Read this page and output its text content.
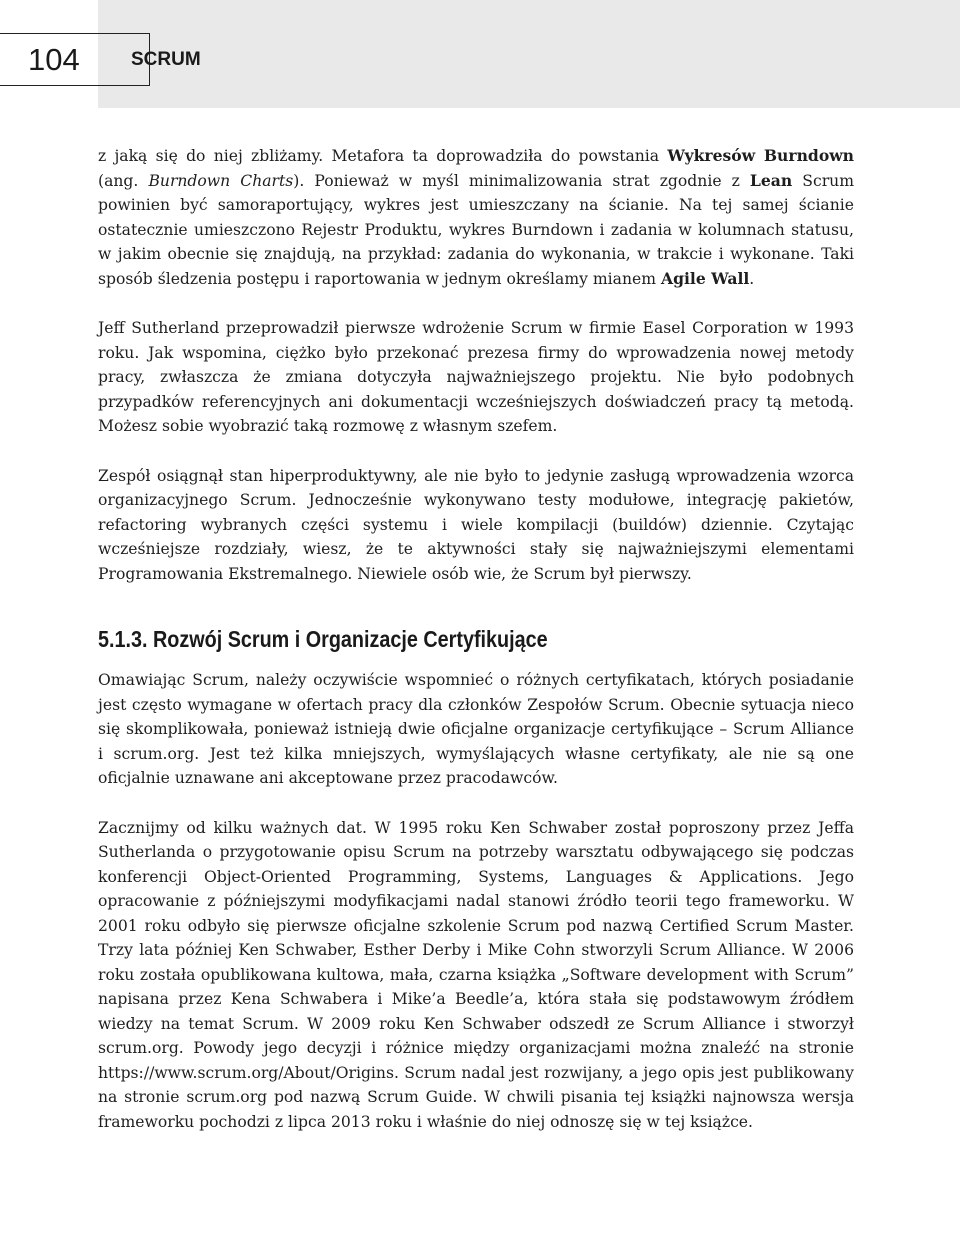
104	SCRUM

z jaką się do niej zbliżamy. Metafora ta doprowadziła do powstania Wykresów Burndown (ang. Burndown Charts). Ponieważ w myśl minimalizowania strat zgodnie z Lean Scrum powinien być samoraportujący, wykres jest umieszczany na ścianie. Na tej samej ścianie ostatecznie umieszczono Rejestr Produktu, wykres Burndown i zadania w kolumnach statusu, w jakim obecnie się znajdują, na przykład: zadania do wykonania, w trakcie i wykonane. Taki sposób śledzenia postępu i raportowania w jednym określamy mianem Agile Wall.

Jeff Sutherland przeprowadził pierwsze wdrożenie Scrum w firmie Easel Corporation w 1993 roku. Jak wspomina, ciężko było przekonać prezesa firmy do wprowadzenia nowej metody pracy, zwłaszcza że zmiana dotyczyła najważniejszego projektu. Nie było podobnych przypadków referencyjnych ani dokumentacji wcześniejszych doświadczeń pracy tą metodą. Możesz sobie wyobrazić taką rozmowę z własnym szefem.

Zespół osiągnął stan hiperproduktywny, ale nie było to jedynie zasługą wprowadzenia wzorca organizacyjnego Scrum. Jednocześnie wykonywano testy modułowe, integrację pakietów, refactoring wybranych części systemu i wiele kompilacji (buildów) dziennie. Czytając wcześniejsze rozdziały, wiesz, że te aktywności stały się najważniejszymi elementami Programowania Ekstremalnego. Niewiele osób wie, że Scrum był pierwszy.

5.1.3. Rozwój Scrum i Organizacje Certyfikujące

Omawiając Scrum, należy oczywiście wspomnieć o różnych certyfikatach, których posiadanie jest często wymagane w ofertach pracy dla członków Zespołów Scrum. Obecnie sytuacja nieco się skomplikowała, ponieważ istnieją dwie oficjalne organizacje certyfikujące – Scrum Alliance i scrum.org. Jest też kilka mniejszych, wymyślających własne certyfikaty, ale nie są one oficjalnie uznawane ani akceptowane przez pracodawców.

Zacznijmy od kilku ważnych dat. W 1995 roku Ken Schwaber został poproszony przez Jeffa Sutherlanda o przygotowanie opisu Scrum na potrzeby warsztatu odbywającego się podczas konferencji Object-Oriented Programming, Systems, Languages & Applications. Jego opracowanie z późniejszymi modyfikacjami nadal stanowi źródło teorii tego frameworku. W 2001 roku odbyło się pierwsze oficjalne szkolenie Scrum pod nazwą Certified Scrum Master. Trzy lata później Ken Schwaber, Esther Derby i Mike Cohn stworzyli Scrum Alliance. W 2006 roku została opublikowana kultowa, mała, czarna książka „Software development with Scrum” napisana przez Kena Schwabera i Mike’a Beedle’a, która stała się podstawowym źródłem wiedzy na temat Scrum. W 2009 roku Ken Schwaber odszedł ze Scrum Alliance i stworzył scrum.org. Powody jego decyzji i różnice między organizacjami można znaleźć na stronie https://www.scrum.org/About/Origins. Scrum nadal jest rozwijany, a jego opis jest publikowany na stronie scrum.org pod nazwą Scrum Guide. W chwili pisania tej książki najnowsza wersja frameworku pochodzi z lipca 2013 roku i właśnie do niej odnoszę się w tej książce.
